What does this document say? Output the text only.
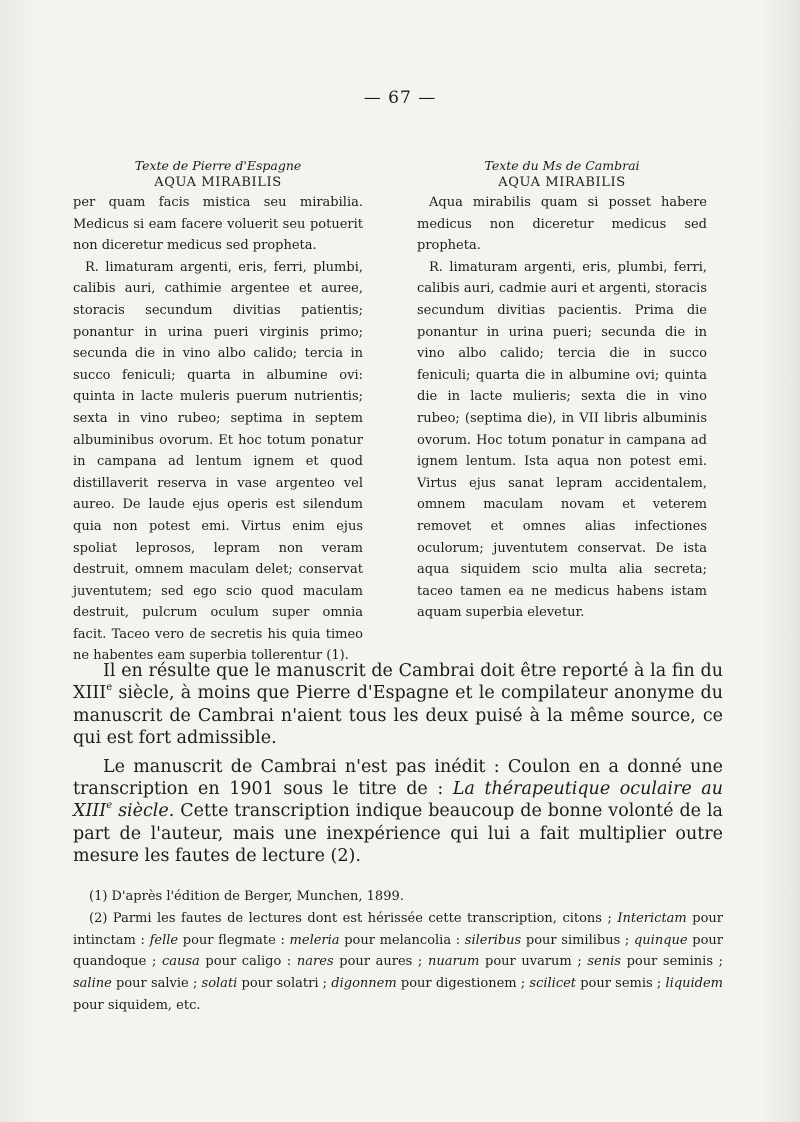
— 67 —

Texte de Pierre d'Espagne

AQUA MIRABILIS

per quam facis mistica seu mirabilia. Medicus si eam facere voluerit seu potuerit non diceretur medicus sed propheta.

R. limaturam argenti, eris, ferri, plumbi, calibis auri, cathimie argentee et auree, storacis secundum divitias patientis; ponantur in urina pueri virginis primo; secunda die in vino albo calido; tercia in succo feniculi; quarta in albumine ovi: quinta in lacte muleris puerum nutrientis; sexta in vino rubeo; septima in septem albuminibus ovorum. Et hoc totum ponatur in campana ad lentum ignem et quod distillaverit reserva in vase argenteo vel aureo. De laude ejus operis est silendum quia non potest emi. Virtus enim ejus spoliat leprosos, lepram non veram destruit, omnem maculam delet; conservat juventutem; sed ego scio quod maculam destruit, pulcrum oculum super omnia facit. Taceo vero de secretis his quia timeo ne habentes eam superbia tollerentur (1).

Texte du Ms de Cambrai

AQUA MIRABILIS

Aqua mirabilis quam si posset habere medicus non diceretur medicus sed propheta.

R. limaturam argenti, eris, plumbi, ferri, calibis auri, cadmie auri et argenti, storacis secundum divitias pacientis. Prima die ponantur in urina pueri; secunda die in vino albo calido; tercia die in succo feniculi; quarta die in albumine ovi; quinta die in lacte mulieris; sexta die in vino rubeo; (septima die), in VII libris albuminis ovorum. Hoc totum ponatur in campana ad ignem lentum. Ista aqua non potest emi. Virtus ejus sanat lepram accidentalem, omnem maculam novam et veterem removet et omnes alias infectiones oculorum; juventutem conservat. De ista aqua siquidem scio multa alia secreta; taceo tamen ea ne medicus habens istam aquam superbia elevetur.

Il en résulte que le manuscrit de Cambrai doit être reporté à la fin du XIIIe siècle, à moins que Pierre d'Espagne et le compilateur anonyme du manuscrit de Cambrai n'aient tous les deux puisé à la même source, ce qui est fort admissible.

Le manuscrit de Cambrai n'est pas inédit : Coulon en a donné une transcription en 1901 sous le titre de : La thérapeutique oculaire au XIIIe siècle. Cette transcription indique beaucoup de bonne volonté de la part de l'auteur, mais une inexpérience qui lui a fait multiplier outre mesure les fautes de lecture (2).

(1) D'après l'édition de Berger, Munchen, 1899.

(2) Parmi les fautes de lectures dont est hérissée cette transcription, citons ; Interictam pour intinctam : felle pour flegmate : meleria pour melancolia : sileribus pour similibus ; quinque pour quandoque ; causa pour caligo : nares pour aures ; nuarum pour uvarum ; senis pour seminis ; saline pour salvie ; solati pour solatri ; digonnem pour digestionem ; scilicet pour semis ; liquidem pour siquidem, etc.
